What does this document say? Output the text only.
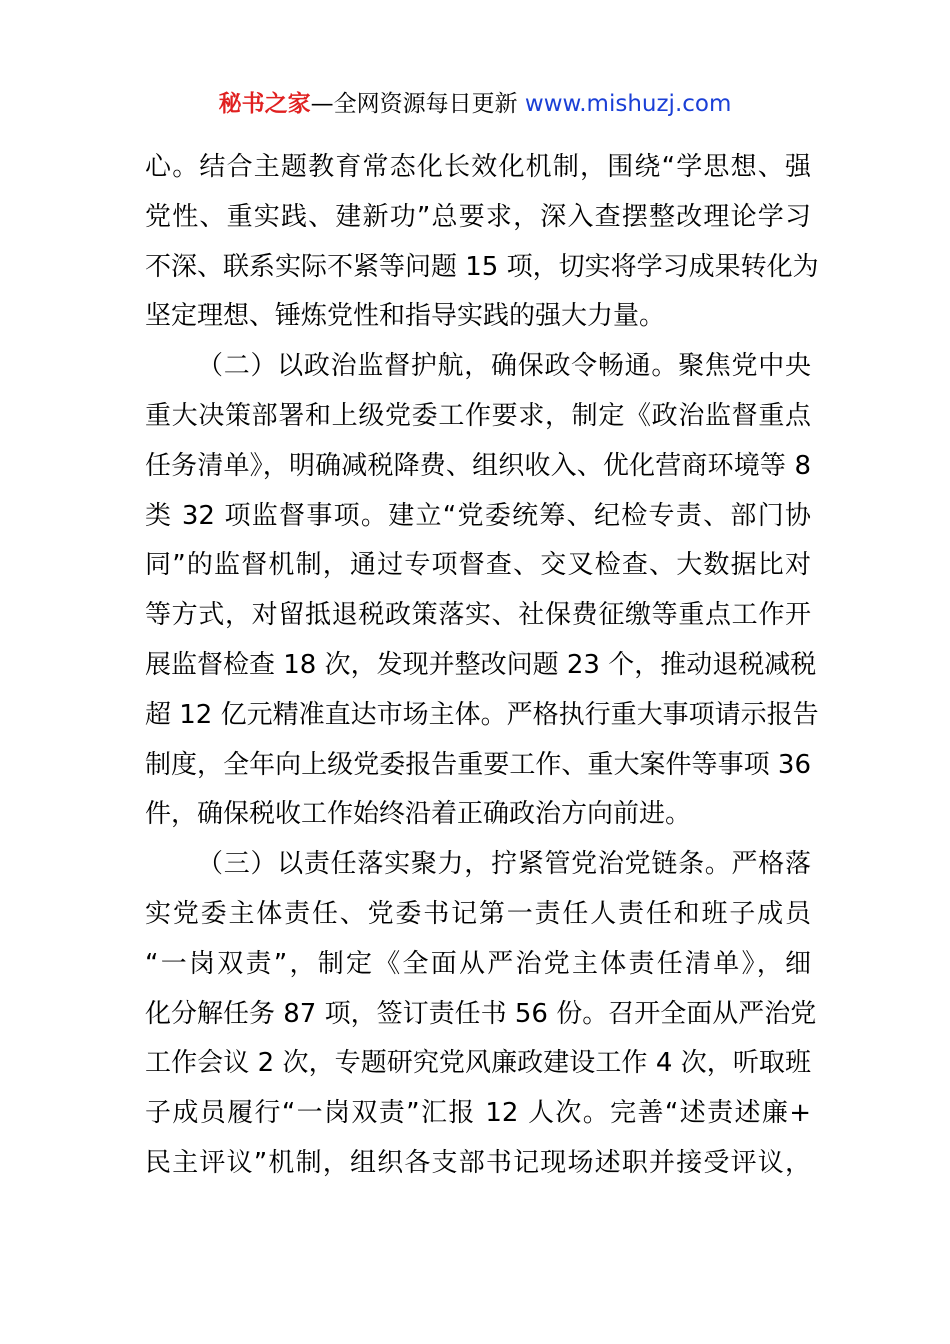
秘书之家—全网资源每日更新 www.mishuzj.com
心。结合主题教育常态化长效化机制，围绕“学思想、强
党性、重实践、建新功”总要求，深入查摆整改理论学习
不深、联系实际不紧等问题 15 项，切实将学习成果转化为
坚定理想、锤炼党性和指导实践的强大力量。
（二）以政治监督护航，确保政令畅通。聚焦党中央
重大决策部署和上级党委工作要求，制定《政治监督重点
任务清单》，明确减税降费、组织收入、优化营商环境等 8
类 32 项监督事项。建立“党委统筹、纪检专责、部门协
同”的监督机制，通过专项督查、交叉检查、大数据比对
等方式，对留抵退税政策落实、社保费征缴等重点工作开
展监督检查 18 次，发现并整改问题 23 个，推动退税减税
超 12 亿元精准直达市场主体。严格执行重大事项请示报告
制度，全年向上级党委报告重要工作、重大案件等事项 36
件，确保税收工作始终沿着正确政治方向前进。
（三）以责任落实聚力，拧紧管党治党链条。严格落
实党委主体责任、党委书记第一责任人责任和班子成员
“一岗双责”，制定《全面从严治党主体责任清单》，细
化分解任务 87 项，签订责任书 56 份。召开全面从严治党
工作会议 2 次，专题研究党风廉政建设工作 4 次，听取班
子成员履行“一岗双责”汇报 12 人次。完善“述责述廉+
民主评议”机制，组织各支部书记现场述职并接受评议，
